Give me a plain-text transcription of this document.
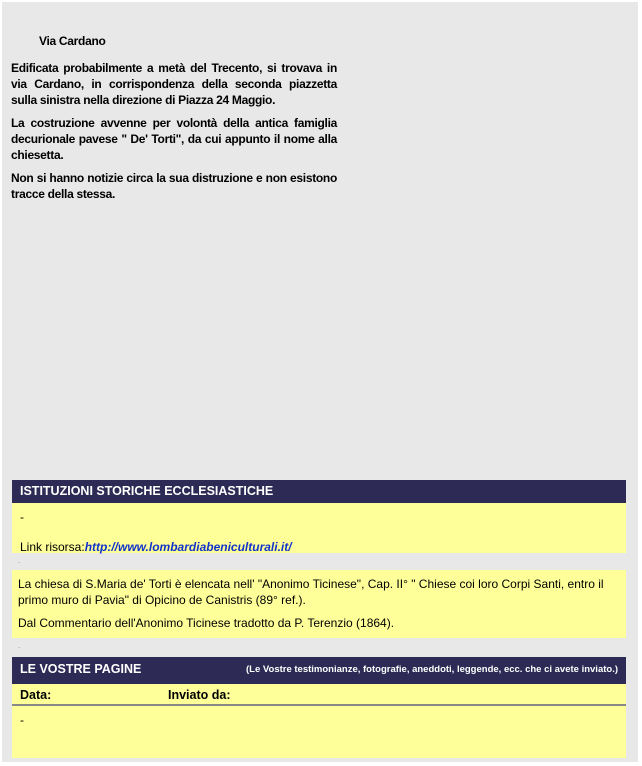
Via Cardano

Edificata probabilmente a metà del Trecento, si trovava in via Cardano, in corrispondenza della seconda piazzetta sulla sinistra nella direzione di Piazza 24 Maggio.

La costruzione avvenne per volontà della antica famiglia decurionale pavese " De' Torti", da cui appunto il nome alla chiesetta.

Non si hanno notizie circa la sua distruzione e non esistono tracce della stessa.

ISTITUZIONI STORICHE ECCLESIASTICHE

-

Link risorsa:http://www.lombardiabeniculturali.it/

.

La chiesa di S.Maria de' Torti è elencata nell' "Anonimo Ticinese", Cap. II° " Chiese coi loro Corpi Santi, entro il primo muro di Pavia" di Opicino de Canistris (89° ref.).

Dal Commentario dell'Anonimo Ticinese tradotto da P. Terenzio (1864).

.
LE VOSTRE PAGINE	(Le Vostre testimonianze, fotografie, aneddoti, leggende, ecc. che ci avete inviato.)
Data:	Inviato da:
-
